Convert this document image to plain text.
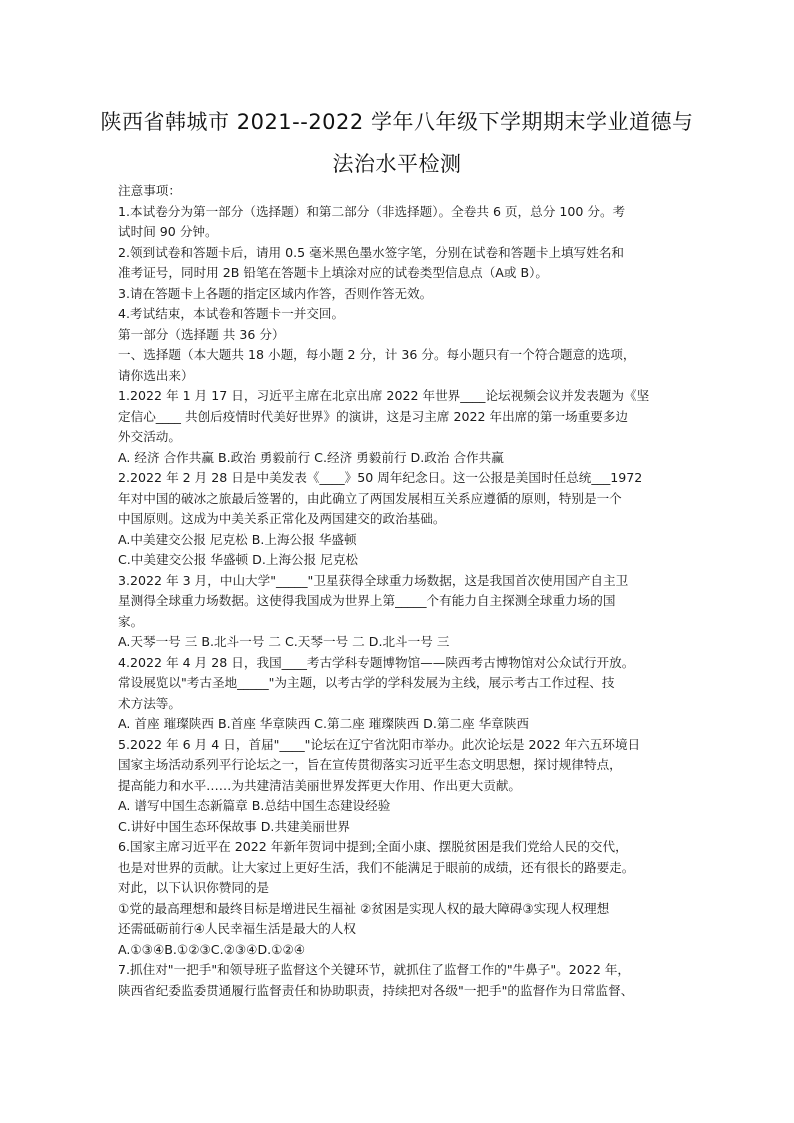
陕西省韩城市 2021--2022 学年八年级下学期期末学业道德与
法治水平检测
注意事项：
1.本试卷分为第一部分（选择题）和第二部分（非选择题）。全卷共 6 页，总分 100 分。考
试时间 90 分钟。
2.领到试卷和答题卡后，请用 0.5 毫米黑色墨水签字笔，分别在试卷和答题卡上填写姓名和
准考证号，同时用 2B 铅笔在答题卡上填涂对应的试卷类型信息点（A或 B）。
3.请在答题卡上各题的指定区域内作答，否则作答无效。
4.考试结束，本试卷和答题卡一并交回。
第一部分（选择题 共 36 分）
一、选择题（本大题共 18 小题，每小题 2 分，计 36 分。每小题只有一个符合题意的选项，
请你选出来）
1.2022 年 1 月 17 日，习近平主席在北京出席 2022 年世界____论坛视频会议并发表题为《坚
定信心____ 共创后疫情时代美好世界》的演讲，这是习主席 2022 年出席的第一场重要多边
外交活动。
A. 经济 合作共赢 B.政治 勇毅前行 C.经济 勇毅前行 D.政治 合作共赢
2.2022 年 2 月 28 日是中美发表《____》50 周年纪念日。这一公报是美国时任总统___1972
年对中国的破冰之旅最后签署的，由此确立了两国发展相互关系应遵循的原则，特别是一个
中国原则。这成为中美关系正常化及两国建交的政治基础。
A.中美建交公报 尼克松 B.上海公报 华盛顿
C.中美建交公报 华盛顿 D.上海公报 尼克松
3.2022 年 3 月，中山大学"_____"卫星获得全球重力场数据，这是我国首次使用国产自主卫
星测得全球重力场数据。这使得我国成为世界上第_____个有能力自主探测全球重力场的国
家。
A.天琴一号 三 B.北斗一号 二 C.天琴一号 二 D.北斗一号 三
4.2022 年 4 月 28 日，我国____考古学科专题博物馆——陕西考古博物馆对公众试行开放。
常设展览以"考古圣地_____"为主题，以考古学的学科发展为主线，展示考古工作过程、技
术方法等。
A. 首座 璀璨陕西 B.首座 华章陕西 C.第二座 璀璨陕西 D.第二座 华章陕西
5.2022 年 6 月 4 日，首届"____"论坛在辽宁省沈阳市举办。此次论坛是 2022 年六五环境日
国家主场活动系列平行论坛之一，旨在宣传贯彻落实习近平生态文明思想，探讨规律特点，
提高能力和水平……为共建清洁美丽世界发挥更大作用、作出更大贡献。
A. 谱写中国生态新篇章 B.总结中国生态建设经验
C.讲好中国生态环保故事 D.共建美丽世界
6.国家主席习近平在 2022 年新年贺词中提到;全面小康、摆脱贫困是我们党给人民的交代，
也是对世界的贡献。让大家过上更好生活，我们不能满足于眼前的成绩，还有很长的路要走。
对此，以下认识你赞同的是
①党的最高理想和最终目标是增进民生福祉 ②贫困是实现人权的最大障碍③实现人权理想
还需砥砺前行④人民幸福生活是最大的人权
A.①③④B.①②③C.②③④D.①②④
7.抓住对"一把手"和领导班子监督这个关键环节，就抓住了监督工作的"牛鼻子"。2022 年，
陕西省纪委监委贯通履行监督责任和协助职责，持续把对各级"一把手"的监督作为日常监督、
